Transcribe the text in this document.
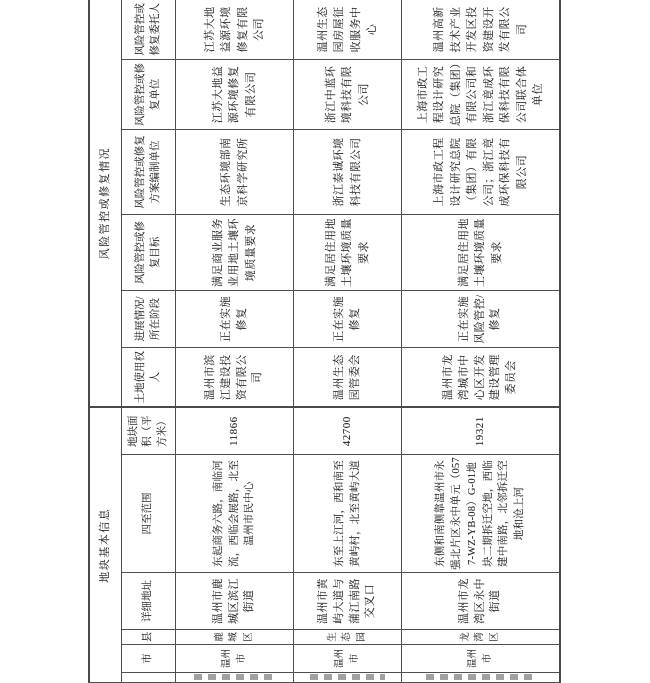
地块基本信息						风险管控或修复情况					
	市	县	详细地址	四至范围	地块面积（平方米）	土地使用权人	进展情况/所在阶段	风险管控或修复目标	风险管控或修复方案编制单位	风险管控或修复单位	风险管控或修复委托人

	温州市	鹿城区	温州市鹿城区滨江街道	东起商务六路，南临河流，西临会展路，北至温州市民中心	11866	温州市滨江建设投资有限公司	正在实施修复	满足商业服务业用地土壤环境质量要求	生态环境部南京科学研究所	江苏大地益源环境修复有限公司	江苏大地益源环境修复有限公司

	温州市	生态园	温州市黄屿大道与蒲江南路交叉口	东至上江河，西和南至黄屿村，北至黄屿大道	42700	温州生态园管委会	正在实施修复	满足居住用地土壤环境质量要求	浙江泰诚环境科技有限公司	浙江中蓝环境科技有限公司	温州生态园房屋征收服务中心

	温州市	龙湾区	温州市龙湾区永中街道	东侧和南侧靠温州市永强北片区永中单元（0577-WZ-YB-08）G-01地块二期拆迁空地，西临建中南路，北邻拆迁空地和沧上河	19321	温州市龙湾城市中心区开发建设管理委员会	正在实施风险管控/修复	满足居住用地土壤环境质量要求	上海市政工程设计研究总院（集团）有限公司；浙江竟成环保科技有限公司	上海市政工程设计研究总院（集团）有限公司和浙江竟成环保科技有限公司联合体单位	温州高新技术产业开发区投资建设开发有限公司
